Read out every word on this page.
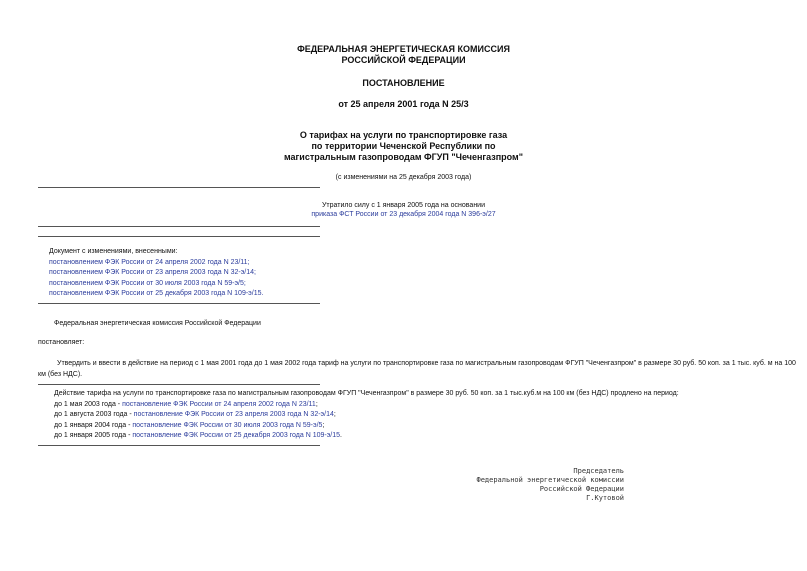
ФЕДЕРАЛЬНАЯ ЭНЕРГЕТИЧЕСКАЯ КОМИССИЯ
РОССИЙСКОЙ ФЕДЕРАЦИИ
ПОСТАНОВЛЕНИЕ
от 25 апреля 2001 года N 25/3
О тарифах на услуги по транспортировке газа
по территории Чеченской Республики по
магистральным газопроводам ФГУП "Чеченгазпром"
(с изменениями на 25 декабря 2003 года)
Утратило силу с 1 января 2005 года на основании
приказа ФСТ России от 23 декабря 2004 года N 396-э/27
Документ с изменениями, внесенными:
постановлением ФЭК России от 24 апреля 2002 года N 23/11;
постановлением ФЭК России от 23 апреля 2003 года N 32-э/14;
постановлением ФЭК России от 30 июля 2003 года N 59-э/5;
постановлением ФЭК России от 25 декабря 2003 года N 109-э/15.
Федеральная энергетическая комиссия Российской Федерации
постановляет:
Утвердить и ввести в действие на период с 1 мая 2001 года до 1 мая 2002 года тариф на услуги по транспортировке газа по магистральным газопроводам ФГУП "Чеченгазпром" в размере 30 руб. 50 коп. за 1 тыс. куб. м на 100 км (без НДС).
Действие тарифа на услуги по транспортировке газа по магистральным газопроводам ФГУП "Чеченгазпром" в размере 30 руб. 50 коп. за 1 тыс.куб.м на 100 км (без НДС) продлено на период:
до 1 мая 2003 года - постановление ФЭК России от 24 апреля 2002 года N 23/11;
до 1 августа 2003 года - постановление ФЭК России от 23 апреля 2003 года N 32-э/14;
до 1 января 2004 года - постановление ФЭК России от 30 июля 2003 года N 59-э/5;
до 1 января 2005 года - постановление ФЭК России от 25 декабря 2003 года N 109-э/15.
Председатель
Федеральной энергетической комиссии
Российской Федерации
Г.Кутовой
